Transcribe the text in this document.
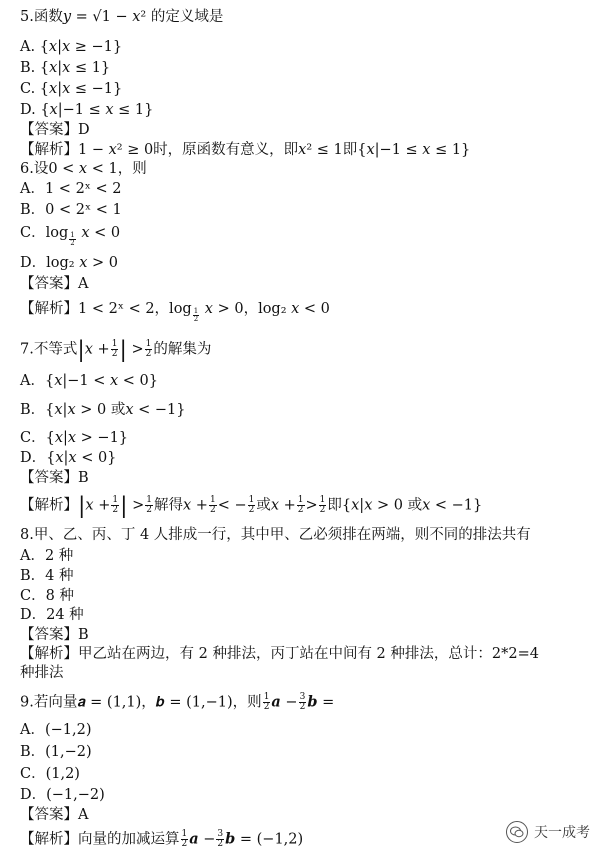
5.函数𝑦 = √1 − 𝑥² 的定义域是
A. {𝑥|𝑥 ≥ −1}
B. {𝑥|𝑥 ≤ 1}
C. {𝑥|𝑥 ≤ −1}
D. {𝑥|−1 ≤ 𝑥 ≤ 1}
【答案】D
【解析】1 − 𝑥² ≥ 0时，原函数有意义，即𝑥² ≤ 1即{𝑥|−1 ≤ 𝑥 ≤ 1}
6.设0 < 𝑥 < 1，则
A．1 < 2ˣ < 2
B．0 < 2ˣ < 1
C．$\log \frac{1}{2}$ 𝑥 < 0
D．log₂ 𝑥 > 0
【答案】A
【解析】1 < 2ˣ < 2，$\log \frac{1}{2}$ 𝑥 > 0，log₂ 𝑥 < 0
7.不等式|𝑥 + $\frac{1}{2}$ | > $\frac{1}{2}$ 的解集为
A．{𝑥|−1 < 𝑥 < 0}
B．{𝑥|𝑥 > 0 或𝑥 < −1}
C．{𝑥|𝑥 > −1}
D．{𝑥|𝑥 < 0}
【答案】B
【解析】|𝑥 + $\frac{1}{2}$ | > $\frac{1}{2}$ 解得𝑥 + $\frac{1}{2}$ < − $\frac{1}{2}$ 或𝑥 + $\frac{1}{2} > \frac{1}{2}$ 即{𝑥|𝑥 > 0 或𝑥 < −1}
8.甲、乙、丙、丁 4 人排成一行，其中甲、乙必须排在两端，则不同的排法共有
A．2 种
B．4 种
C．8 种
D．24 种
【答案】B
【解析】甲乙站在两边，有 2 种排法，丙丁站在中间有 2 种排法，总计：2*2=4
种排法
9.若向量𝒂 = (1,1)，𝒃 = (1,−1)，则 $\frac{1}{2}$ $a - \frac{3}{2}$ b =
A．(−1,2)
B．(1,−2)
C．(1,2)
D．(−1,−2)
【答案】A
【解析】向量的加减运算 $\frac{1}{2}$ $a - \frac{3}{2}$ b = (−1,2)	天一成考
